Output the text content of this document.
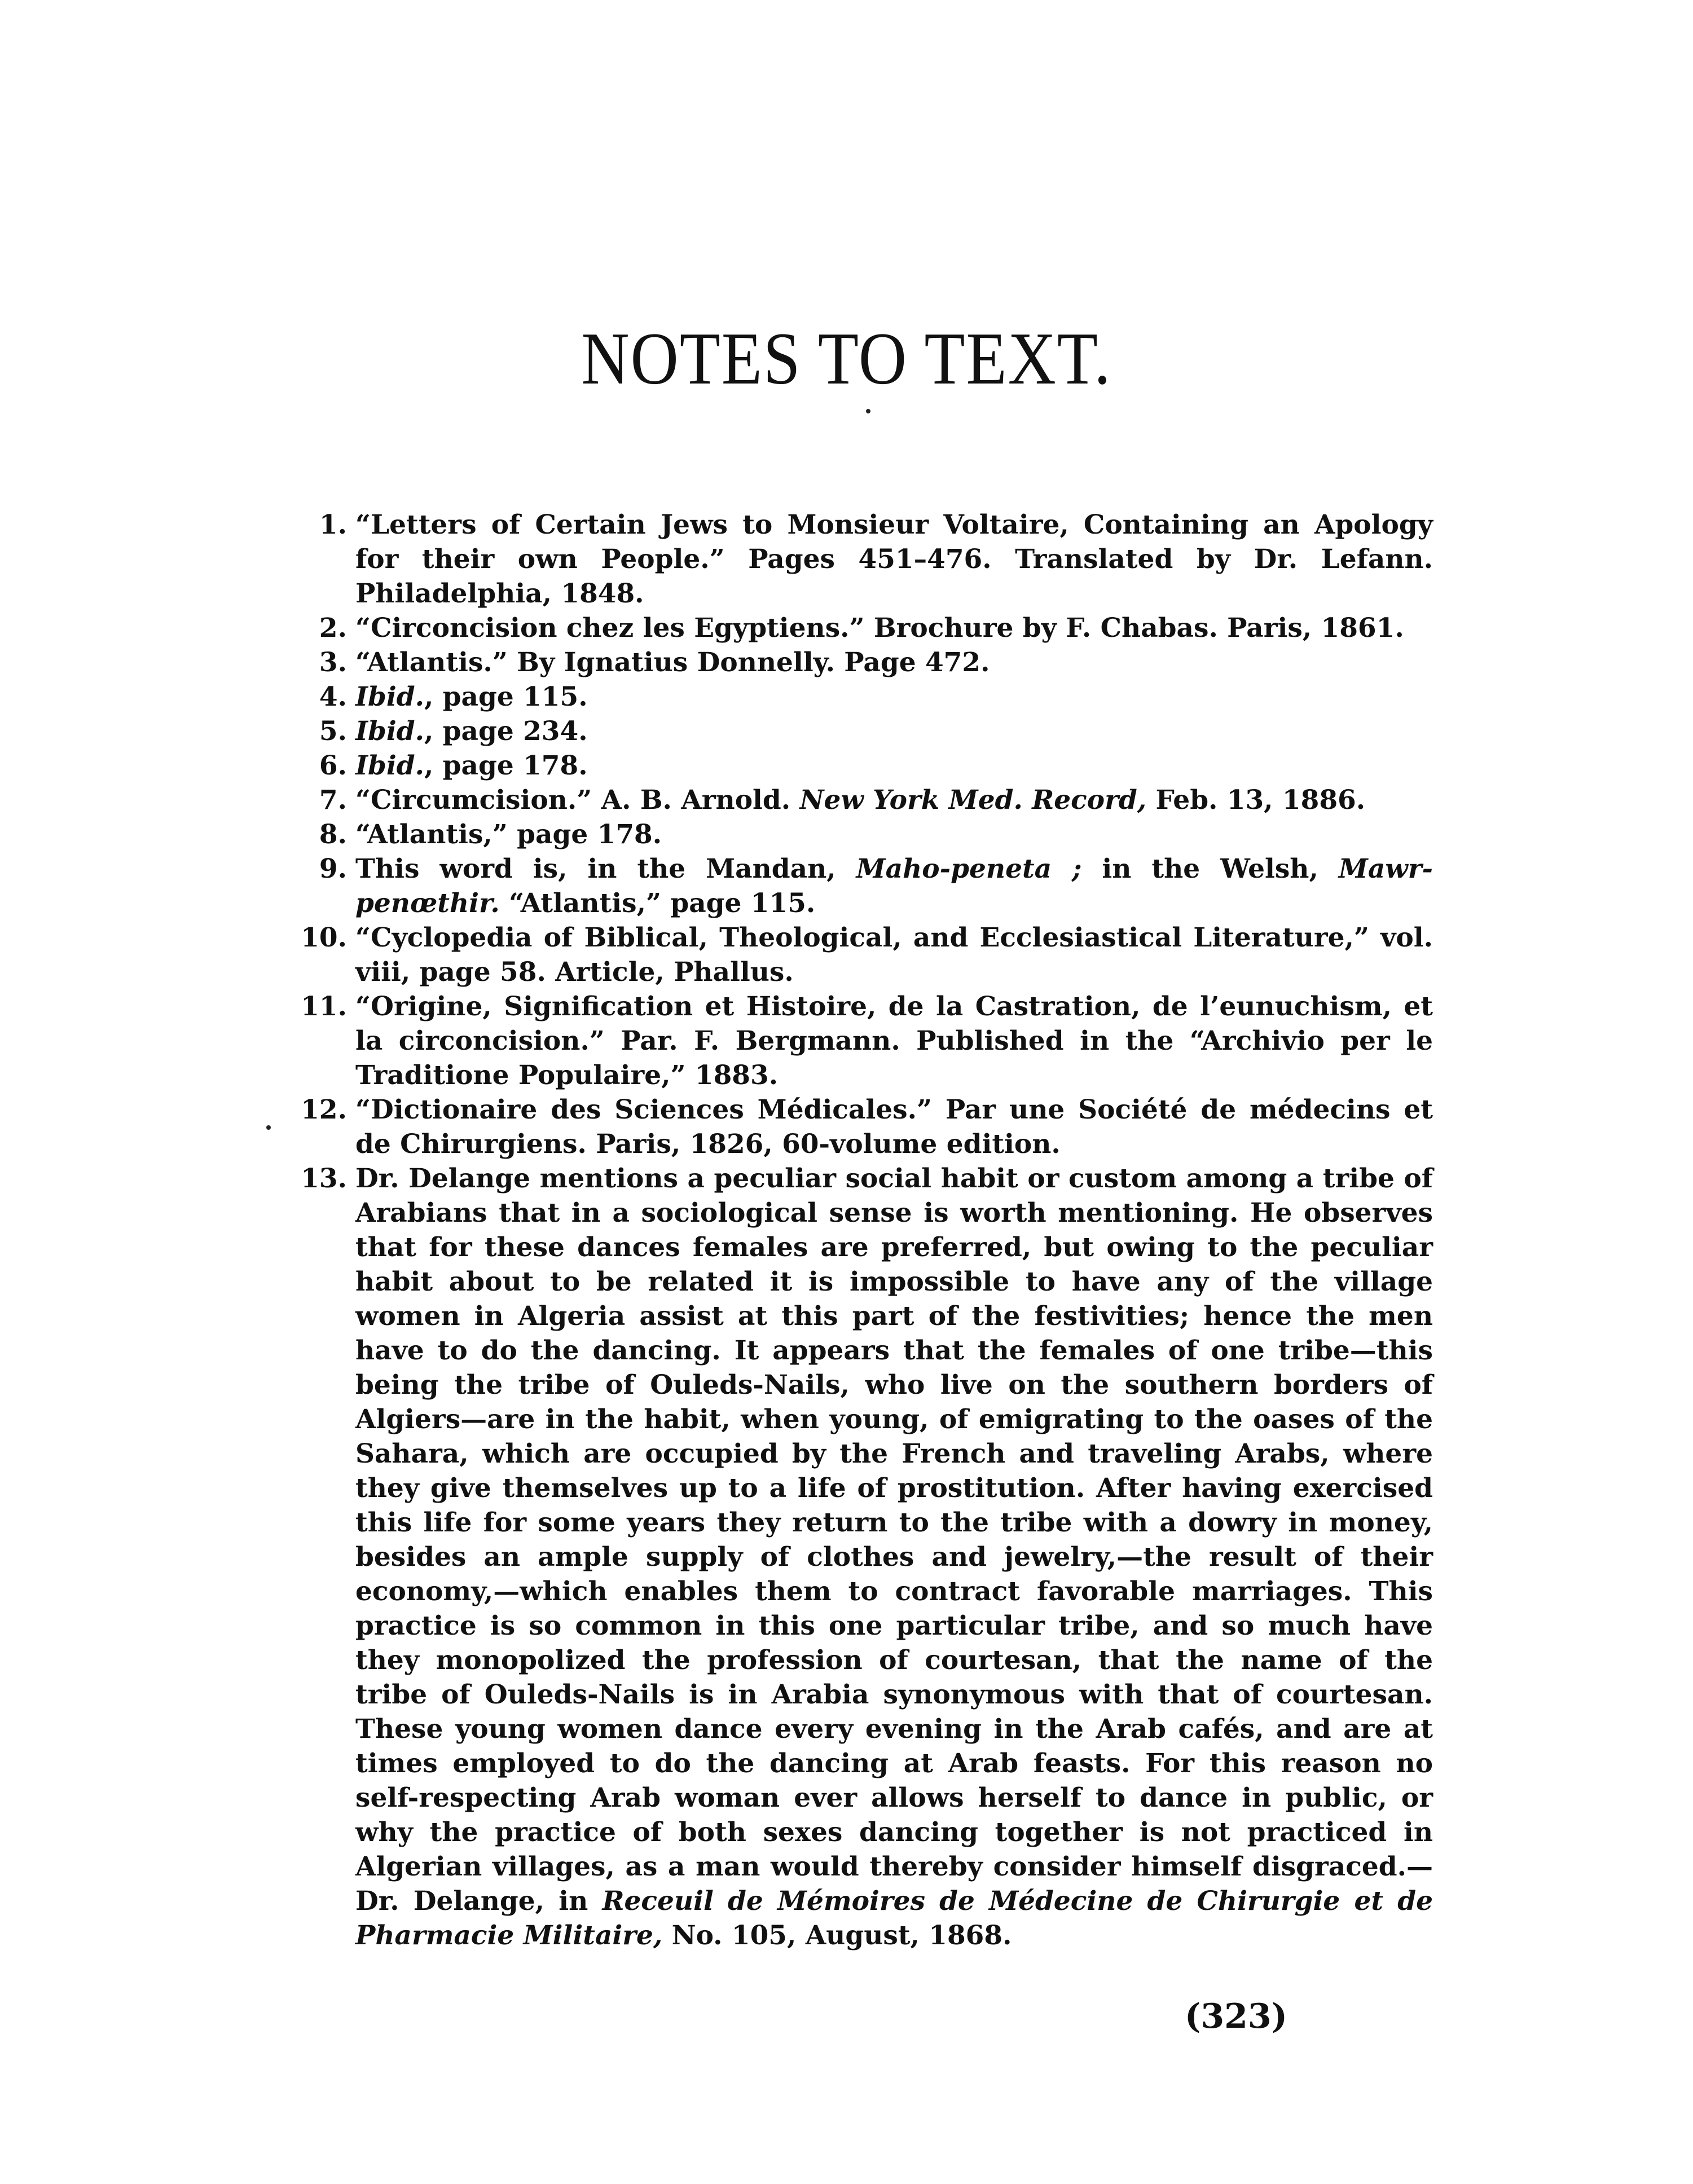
NOTES TO TEXT.
1. “Letters of Certain Jews to Monsieur Voltaire, Containing an Apology for their own People.” Pages 451–476. Translated by Dr. Lefann. Philadelphia, 1848.
2. “Circoncision chez les Egyptiens.” Brochure by F. Chabas. Paris, 1861.
3. “Atlantis.” By Ignatius Donnelly. Page 472.
4. Ibid., page 115.
5. Ibid., page 234.
6. Ibid., page 178.
7. “Circumcision.” A. B. Arnold. New York Med. Record, Feb. 13, 1886.
8. “Atlantis,” page 178.
9. This word is, in the Mandan, Maho-peneta ; in the Welsh, Mawr-penœthir. “Atlantis,” page 115.
10. “Cyclopedia of Biblical, Theological, and Ecclesiastical Literature,” vol. viii, page 58. Article, Phallus.
11. “Origine, Signification et Histoire, de la Castration, de l’eunuchism, et la circoncision.” Par. F. Bergmann. Published in the “Archivio per le Traditione Populaire,” 1883.
12. “Dictionaire des Sciences Médicales.” Par une Société de médecins et de Chirurgiens. Paris, 1826, 60-volume edition.
13. Dr. Delange mentions a peculiar social habit or custom among a tribe of Arabians that in a sociological sense is worth mentioning. He observes that for these dances females are preferred, but owing to the peculiar habit about to be related it is impossible to have any of the village women in Algeria assist at this part of the festivities; hence the men have to do the dancing. It appears that the females of one tribe—this being the tribe of Ouleds-Nails, who live on the southern borders of Algiers—are in the habit, when young, of emigrating to the oases of the Sahara, which are occupied by the French and traveling Arabs, where they give themselves up to a life of prostitution. After having exercised this life for some years they return to the tribe with a dowry in money, besides an ample supply of clothes and jewelry,—the result of their economy,—which enables them to contract favorable marriages. This practice is so common in this one particular tribe, and so much have they monopolized the profession of courtesan, that the name of the tribe of Ouleds-Nails is in Arabia synonymous with that of courtesan. These young women dance every evening in the Arab cafés, and are at times employed to do the dancing at Arab feasts. For this reason no self-respecting Arab woman ever allows herself to dance in public, or why the practice of both sexes dancing together is not practiced in Algerian villages, as a man would thereby consider himself disgraced.—Dr. Delange, in Receuil de Mémoires de Médecine de Chirurgie et de Pharmacie Militaire, No. 105, August, 1868.
(323)
